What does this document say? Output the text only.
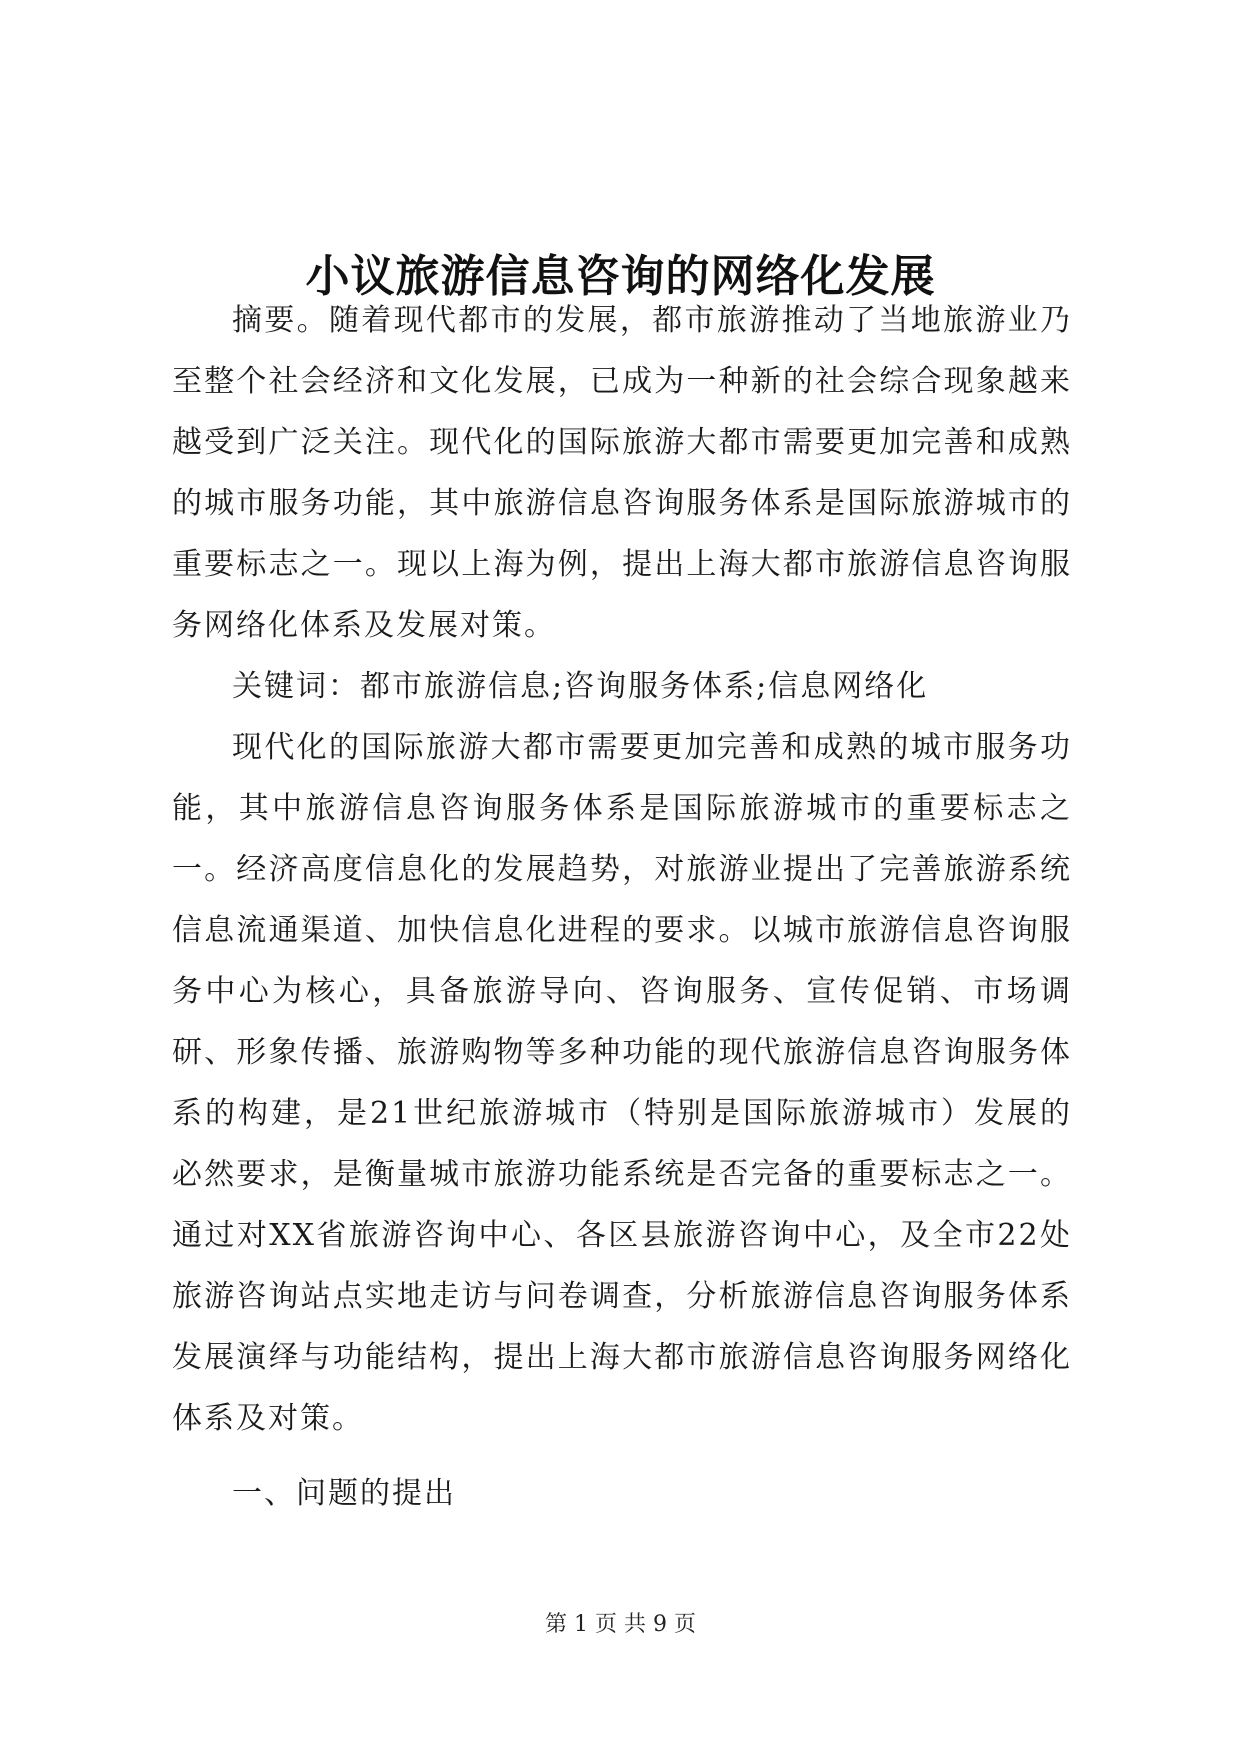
小议旅游信息咨询的网络化发展

摘要。随着现代都市的发展，都市旅游推动了当地旅游业乃至整个社会经济和文化发展，已成为一种新的社会综合现象越来越受到广泛关注。现代化的国际旅游大都市需要更加完善和成熟的城市服务功能，其中旅游信息咨询服务体系是国际旅游城市的重要标志之一。现以上海为例，提出上海大都市旅游信息咨询服务网络化体系及发展对策。

关键词：都市旅游信息;咨询服务体系;信息网络化

现代化的国际旅游大都市需要更加完善和成熟的城市服务功能，其中旅游信息咨询服务体系是国际旅游城市的重要标志之一。经济高度信息化的发展趋势，对旅游业提出了完善旅游系统信息流通渠道、加快信息化进程的要求。以城市旅游信息咨询服务中心为核心，具备旅游导向、咨询服务、宣传促销、市场调研、形象传播、旅游购物等多种功能的现代旅游信息咨询服务体系的构建，是21世纪旅游城市（特别是国际旅游城市）发展的必然要求，是衡量城市旅游功能系统是否完备的重要标志之一。通过对XX省旅游咨询中心、各区县旅游咨询中心，及全市22处旅游咨询站点实地走访与问卷调查，分析旅游信息咨询服务体系发展演绎与功能结构，提出上海大都市旅游信息咨询服务网络化体系及对策。

一、问题的提出

第 1 页 共 9 页
